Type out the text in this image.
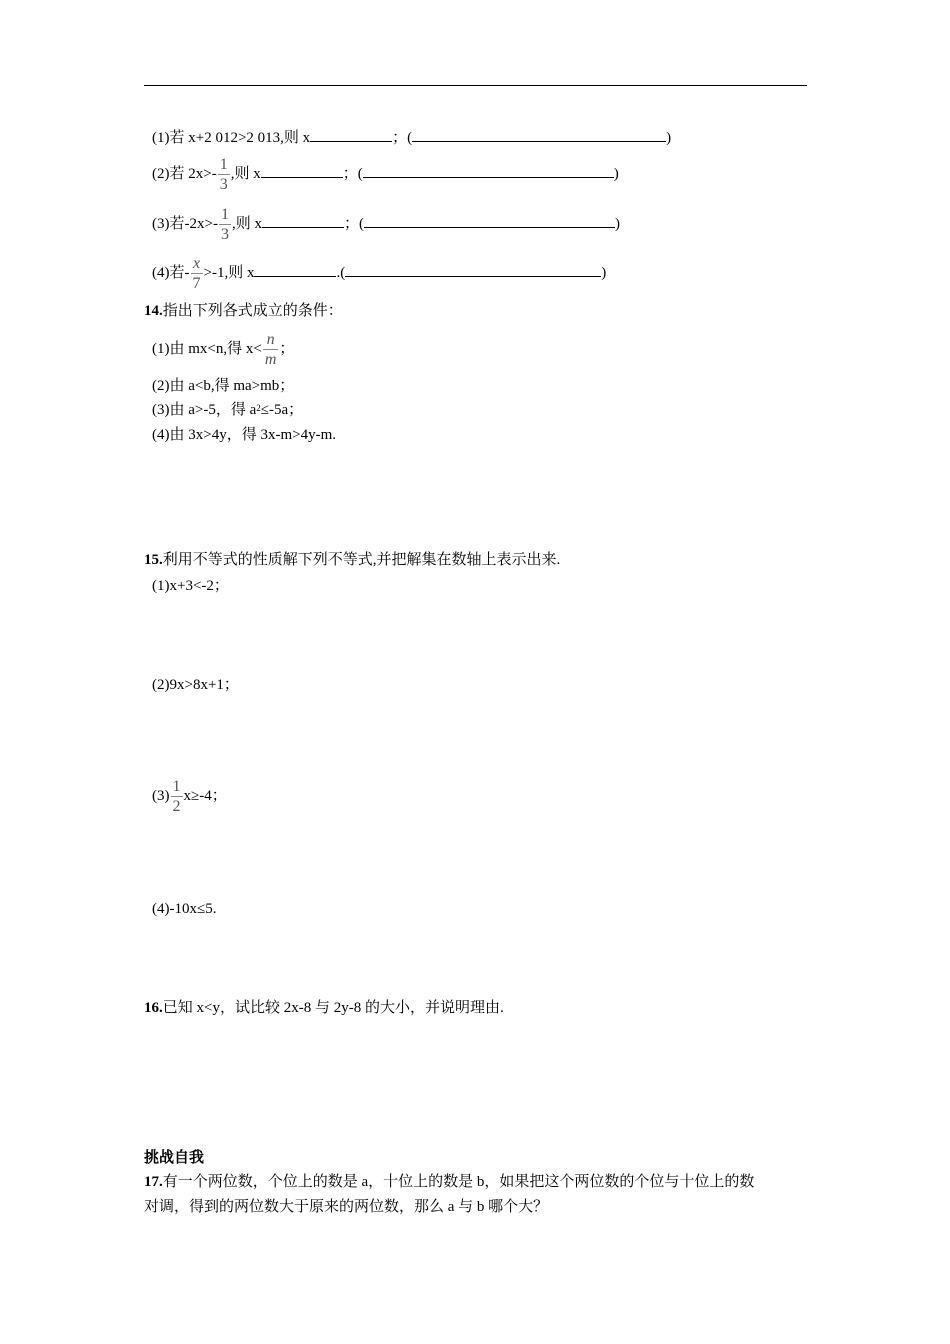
(1)若 x+2 012>2 013,则 x	；(	)
(2)若 $2x>- \frac{1}{3}$ ,则 x	；(	)
(3)若$-2x>- \frac{1}{3}$ ,则 x	；(	)
(4)若- $\frac{x}{7} >-1$,则 x	.(	)
14.指出下列各式成立的条件：
(1)由 mx<n,得 $x< \frac{n}{m}$ ；
(2)由 a<b,得 ma>mb；
(3)由 a>-5，得 $a^2\le-5a$；
(4)由 3x>4y，得 3x-m>4y-m.
15.利用不等式的性质解下列不等式,并把解集在数轴上表示出来.
(1)x+3<-2；
(2)9x>8x+1；
$(3) \frac{1}{2} x\ge-4$；
(4)-10x≤5.
16.已知 x<y，试比较 2x-8 与 2y-8 的大小，并说明理由.
挑战自我
17.有一个两位数，个位上的数是 a，十位上的数是 b，如果把这个两位数的个位与十位上的数
对调，得到的两位数大于原来的两位数，那么 a 与 b 哪个大？
